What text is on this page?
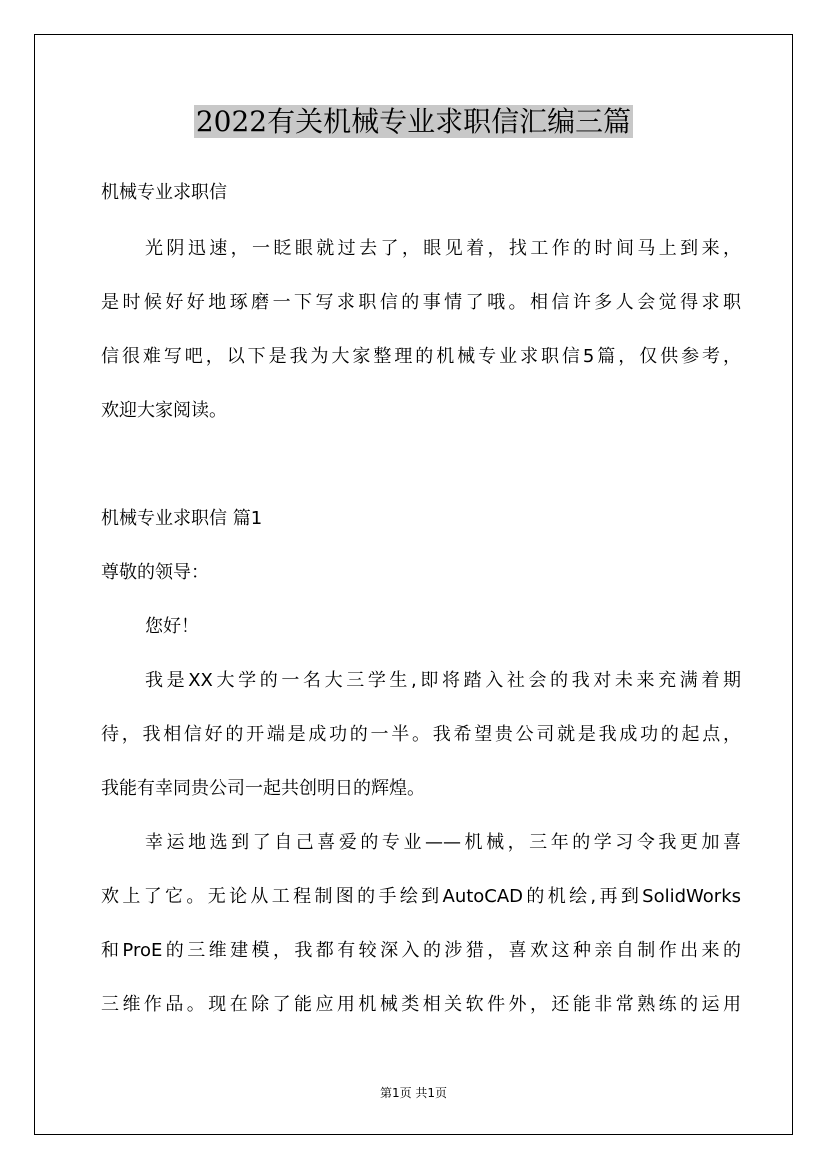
2022有关机械专业求职信汇编三篇
机械专业求职信
光阴迅速，一眨眼就过去了，眼见着，找工作的时间马上到来，
是时候好好地琢磨一下写求职信的事情了哦。相信许多人会觉得求职
信很难写吧，以下是我为大家整理的机械专业求职信5篇，仅供参考，
欢迎大家阅读。
机械专业求职信 篇1
尊敬的领导：
您好！
我是XX大学的一名大三学生,即将踏入社会的我对未来充满着期
待，我相信好的开端是成功的一半。我希望贵公司就是我成功的起点，
我能有幸同贵公司一起共创明日的辉煌。
幸运地选到了自己喜爱的专业——机械，三年的学习令我更加喜
欢上了它。无论从工程制图的手绘到AutoCAD的机绘,再到SolidWorks
和ProE的三维建模，我都有较深入的涉猎，喜欢这种亲自制作出来的
三维作品。现在除了能应用机械类相关软件外，还能非常熟练的运用
第1页 共1页
